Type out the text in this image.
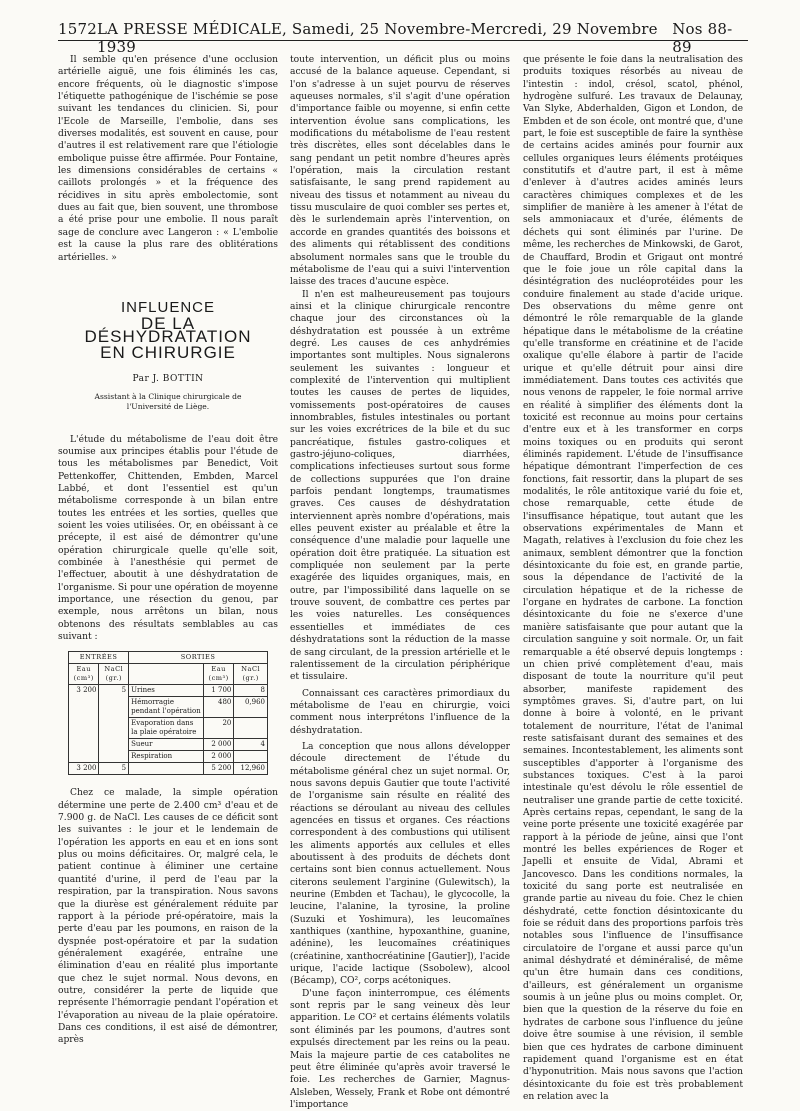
1572 LA PRESSE MÉDICALE, Samedi, 25 Novembre-Mercredi, 29 Novembre 1939
Nos 88-89

Il semble qu'en présence d'une occlusion artérielle aiguë, une fois éliminés les cas, encore fréquents, où le diagnostic s'impose l'étiquette pathogénique de l'ischémie se pose suivant les tendances du clinicien. Si, pour l'Ecole de Marseille, l'embolie, dans ses diverses modalités, est souvent en cause, pour d'autres il est relativement rare que l'étiologie embolique puisse être affirmée. Pour Fontaine, les dimensions considérables de certains « caillots prolongés » et la fréquence des récidives in situ après embolectomie, sont dues au fait que, bien souvent, une thrombose a été prise pour une embolie. Il nous paraît sage de conclure avec Langeron : « L'embolie est la cause la plus rare des oblitérations artérielles. »

INFLUENCE
DE LA DÉSHYDRATATION
EN CHIRURGIE
Par J. BOTTIN
Assistant à la Clinique chirurgicale de l'Université de Liège.

L'étude du métabolisme de l'eau doit être soumise aux principes établis pour l'étude de tous les métabolismes par Benedict, Voit Pettenkoffer, Chittenden, Embden, Marcel Labbé, et dont l'essentiel est qu'un métabolisme corresponde à un bilan entre toutes les entrées et les sorties, quelles que soient les voies utilisées. Or, en obéissant à ce précepte, il est aisé de démontrer qu'une opération chirurgicale quelle qu'elle soit, combinée à l'anesthésie qui permet de l'effectuer, aboutit à une déshydratation de l'organisme. Si pour une opération de moyenne importance, une résection du genou, par exemple, nous arrêtons un bilan, nous obtenons des résultats semblables au cas suivant :

ENTRÉES		SORTIES		
Eau (cm³)	NaCl (gr.)		Eau (cm³)	NaCl (gr.)
3 200	5	Urines	1 700	8
		Hémorragie pendant l'opération	480	0,960
		Evaporation dans la plaie opératoire	20	
		Sueur	2 000	4
		Respiration	2 000	
3 200	5		5 200	12,960

Chez ce malade, la simple opération détermine une perte de 2.400 cm³ d'eau et de 7.900 g. de NaCl. Les causes de ce déficit sont les suivantes : le jour et le lendemain de l'opération les apports en eau et en ions sont plus ou moins déficitaires. Or, malgré cela, le patient continue à éliminer une certaine quantité d'urine, il perd de l'eau par la respiration, par la transpiration. Nous savons que la diurèse est généralement réduite par rapport à la période pré-opératoire, mais la perte d'eau par les poumons, en raison de la dyspnée post-opératoire et par la sudation généralement exagérée, entraîne une élimination d'eau en réalité plus importante que chez le sujet normal. Nous devons, en outre, considérer la perte de liquide que représente l'hémorragie pendant l'opération et l'évaporation au niveau de la plaie opératoire. Dans ces conditions, il est aisé de démontrer, après

toute intervention, un déficit plus ou moins accusé de la balance aqueuse. Cependant, si l'on s'adresse à un sujet pourvu de réserves aqueuses normales, s'il s'agit d'une opération d'importance faible ou moyenne, si enfin cette intervention évolue sans complications, les modifications du métabolisme de l'eau restent très discrètes, elles sont décelables dans le sang pendant un petit nombre d'heures après l'opération, mais la circulation restant satisfaisante, le sang prend rapidement au niveau des tissus et notamment au niveau du tissu musculaire de quoi combler ses pertes et, dès le surlendemain après l'intervention, on accorde en grandes quantités des boissons et des aliments qui rétablissent des conditions absolument normales sans que le trouble du métabolisme de l'eau qui a suivi l'intervention laisse des traces d'aucune espèce.

Il n'en est malheureusement pas toujours ainsi et la clinique chirurgicale rencontre chaque jour des circonstances où la déshydratation est poussée à un extrême degré. Les causes de ces anhydrémies importantes sont multiples. Nous signalerons seulement les suivantes : longueur et complexité de l'intervention qui multiplient toutes les causes de pertes de liquides, vomissements post-opératoires de causes innombrables, fistules intestinales ou portant sur les voies excrétrices de la bile et du suc pancréatique, fistules gastro-coliques et gastro-jéjuno-coliques, diarrhées, complications infectieuses surtout sous forme de collections suppurées que l'on draine parfois pendant longtemps, traumatismes graves. Ces causes de déshydratation interviennent après nombre d'opérations, mais elles peuvent exister au préalable et être la conséquence d'une maladie pour laquelle une opération doit être pratiquée. La situation est compliquée non seulement par la perte exagérée des liquides organiques, mais, en outre, par l'impossibilité dans laquelle on se trouve souvent, de combattre ces pertes par les voies naturelles. Les conséquences essentielles et immédiates de ces déshydratations sont la réduction de la masse de sang circulant, de la pression artérielle et le ralentissement de la circulation périphérique et tissulaire.

Connaissant ces caractères primordiaux du métabolisme de l'eau en chirurgie, voici comment nous interprétons l'influence de la déshydratation.

La conception que nous allons développer découle directement de l'étude du métabolisme général chez un sujet normal. Or, nous savons depuis Gautier que toute l'activité de l'organisme sain résulte en réalité des réactions se déroulant au niveau des cellules agencées en tissus et organes. Ces réactions correspondent à des combustions qui utilisent les aliments apportés aux cellules et elles aboutissent à des produits de déchets dont certains sont bien connus actuellement. Nous citerons seulement l'arginine (Gulewitsch), la neurine (Embden et Tachau), le glycocolle, la leucine, l'alanine, la tyrosine, la proline (Suzuki et Yoshimura), les leucomaïnes xanthiques (xanthine, hypoxanthine, guanine, adénine), les leucomaïnes créatiniques (créatinine, xanthocréatinine [Gautier]), l'acide urique, l'acide lactique (Ssobolew), alcool (Bécamp), CO², corps acétoniques.

D'une façon ininterrompue, ces éléments sont repris par le sang veineux dès leur apparition. Le CO² et certains éléments volatils sont éliminés par les poumons, d'autres sont expulsés directement par les reins ou la peau. Mais la majeure partie de ces catabolites ne peut être éliminée qu'après avoir traversé le foie. Les recherches de Garnier, Magnus-Alsleben, Wessely, Frank et Robe ont démontré l'importance

que présente le foie dans la neutralisation des produits toxiques résorbés au niveau de l'intestin : indol, crésol, scatol, phénol, hydrogène sulfuré. Les travaux de Delaunay, Van Slyke, Abderhalden, Gigon et London, de Embden et de son école, ont montré que, d'une part, le foie est susceptible de faire la synthèse de certains acides aminés pour fournir aux cellules organiques leurs éléments protéiques constitutifs et d'autre part, il est à même d'enlever à d'autres acides aminés leurs caractères chimiques complexes et de les simplifier de manière à les amener à l'état de sels ammoniacaux et d'urée, éléments de déchets qui sont éliminés par l'urine. De même, les recherches de Minkowski, de Garot, de Chauffard, Brodin et Grigaut ont montré que le foie joue un rôle capital dans la désintégration des nucléoprotéides pour les conduire finalement au stade d'acide urique. Des observations du même genre ont démontré le rôle remarquable de la glande hépatique dans le métabolisme de la créatine qu'elle transforme en créatinine et de l'acide oxalique qu'elle élabore à partir de l'acide urique et qu'elle détruit pour ainsi dire immédiatement. Dans toutes ces activités que nous venons de rappeler, le foie normal arrive en réalité à simplifier des éléments dont la toxicité est reconnue au moins pour certains d'entre eux et à les transformer en corps moins toxiques ou en produits qui seront éliminés rapidement. L'étude de l'insuffisance hépatique démontrant l'imperfection de ces fonctions, fait ressortir, dans la plupart de ses modalités, le rôle antitoxique varié du foie et, chose remarquable, cette étude de l'insuffisance hépatique, tout autant que les observations expérimentales de Mann et Magath, relatives à l'exclusion du foie chez les animaux, semblent démontrer que la fonction désintoxicante du foie est, en grande partie, sous la dépendance de l'activité de la circulation hépatique et de la richesse de l'organe en hydrates de carbone. La fonction désintoxicante du foie ne s'exerce d'une manière satisfaisante que pour autant que la circulation sanguine y soit normale. Or, un fait remarquable a été observé depuis longtemps : un chien privé complètement d'eau, mais disposant de toute la nourriture qu'il peut absorber, manifeste rapidement des symptômes graves. Si, d'autre part, on lui donne à boire à volonté, en le privant totalement de nourriture, l'état de l'animal reste satisfaisant durant des semaines et des semaines. Incontestablement, les aliments sont susceptibles d'apporter à l'organisme des substances toxiques. C'est à la paroi intestinale qu'est dévolu le rôle essentiel de neutraliser une grande partie de cette toxicité. Après certains repas, cependant, le sang de la veine porte présente une toxicité exagérée par rapport à la période de jeûne, ainsi que l'ont montré les belles expériences de Roger et Japelli et ensuite de Vidal, Abrami et Jancovesco. Dans les conditions normales, la toxicité du sang porte est neutralisée en grande partie au niveau du foie. Chez le chien déshydraté, cette fonction désintoxicante du foie se réduit dans des proportions parfois très notables sous l'influence de l'insuffisance circulatoire de l'organe et aussi parce qu'un animal déshydraté et déminéralisé, de même qu'un être humain dans ces conditions, d'ailleurs, est généralement un organisme soumis à un jeûne plus ou moins complet. Or, bien que la question de la réserve du foie en hydrates de carbone sous l'influence du jeûne doive être soumise à une révision, il semble bien que ces hydrates de carbone diminuent rapidement quand l'organisme est en état d'hyponutrition. Mais nous savons que l'action désintoxicante du foie est très probablement en relation avec la
